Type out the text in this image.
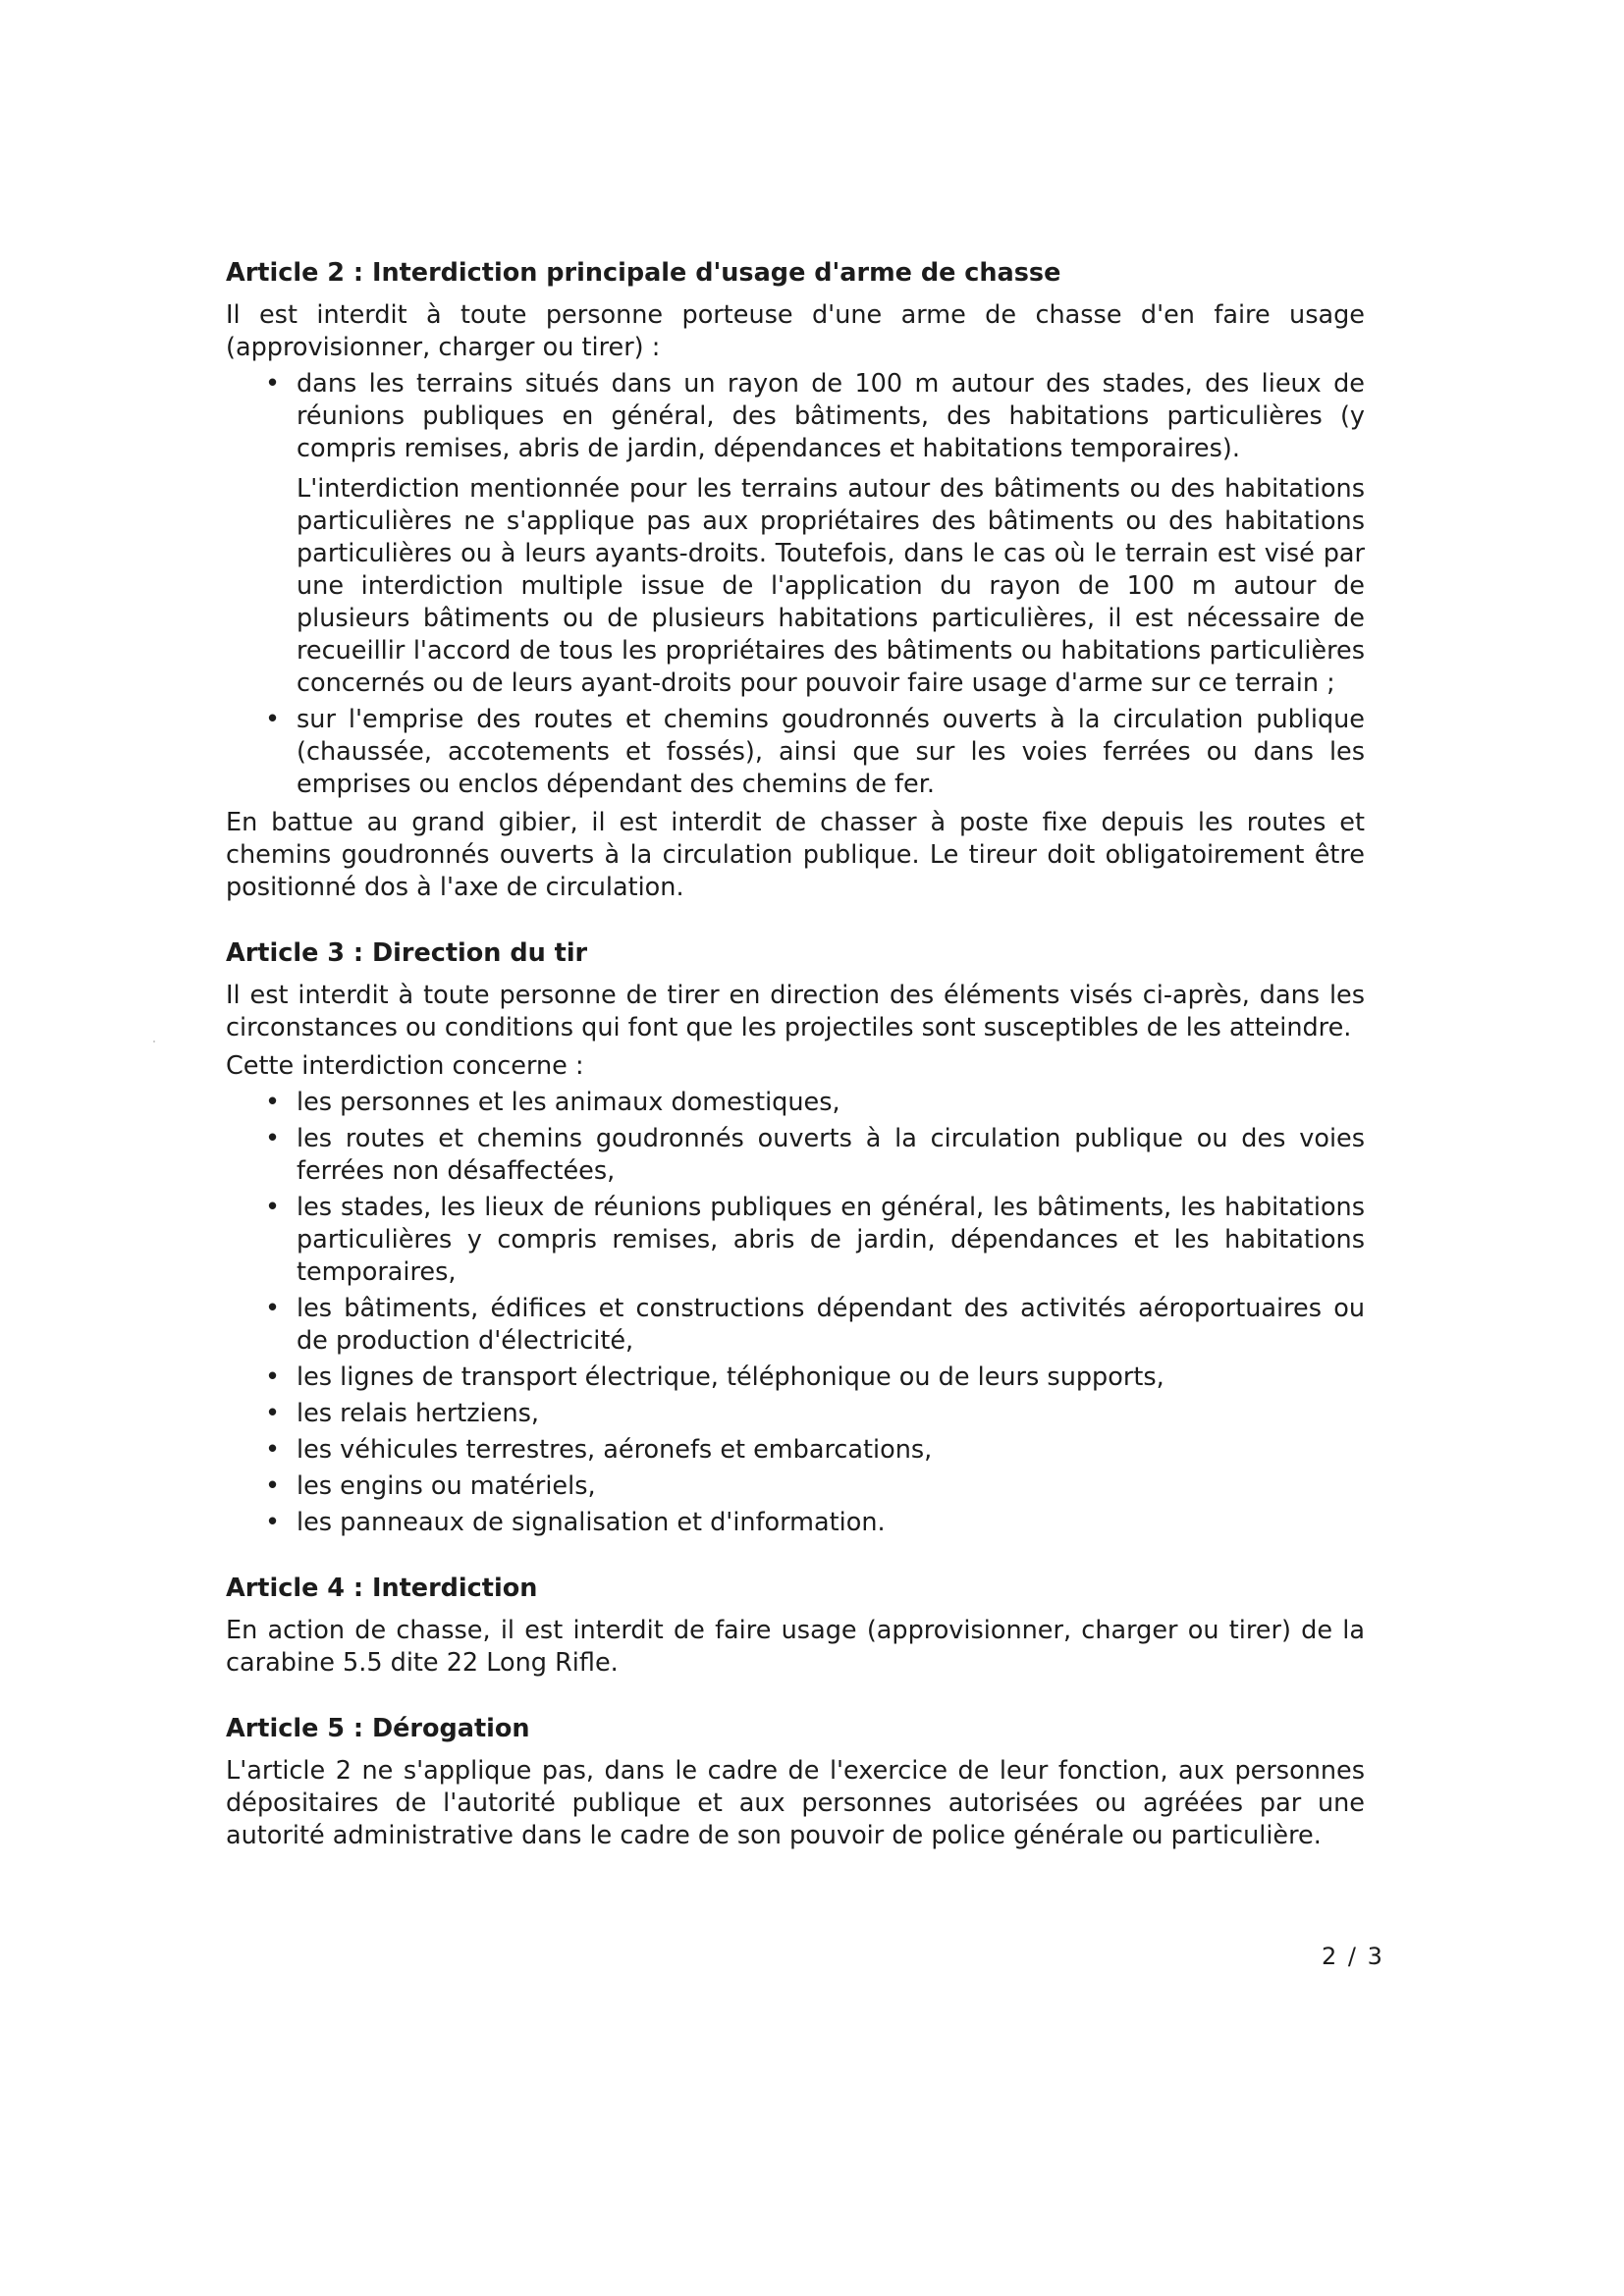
Article 2 : Interdiction principale d'usage d'arme de chasse

Il est interdit à toute personne porteuse d'une arme de chasse d'en faire usage (approvisionner, charger ou tirer) :

• dans les terrains situés dans un rayon de 100 m autour des stades, des lieux de réunions publiques en général, des bâtiments, des habitations particulières (y compris remises, abris de jardin, dépendances et habitations temporaires).

L'interdiction mentionnée pour les terrains autour des bâtiments ou des habitations particulières ne s'applique pas aux propriétaires des bâtiments ou des habitations particulières ou à leurs ayants-droits. Toutefois, dans le cas où le terrain est visé par une interdiction multiple issue de l'application du rayon de 100 m autour de plusieurs bâtiments ou de plusieurs habitations particulières, il est nécessaire de recueillir l'accord de tous les propriétaires des bâtiments ou habitations particulières concernés ou de leurs ayant-droits pour pouvoir faire usage d'arme sur ce terrain ;

• sur l'emprise des routes et chemins goudronnés ouverts à la circulation publique (chaussée, accotements et fossés), ainsi que sur les voies ferrées ou dans les emprises ou enclos dépendant des chemins de fer.

En battue au grand gibier, il est interdit de chasser à poste fixe depuis les routes et chemins goudronnés ouverts à la circulation publique. Le tireur doit obligatoirement être positionné dos à l'axe de circulation.

Article 3 : Direction du tir

Il est interdit à toute personne de tirer en direction des éléments visés ci-après, dans les circonstances ou conditions qui font que les projectiles sont susceptibles de les atteindre.

Cette interdiction concerne :

• les personnes et les animaux domestiques,
• les routes et chemins goudronnés ouverts à la circulation publique ou des voies ferrées non désaffectées,
• les stades, les lieux de réunions publiques en général, les bâtiments, les habitations particulières y compris remises, abris de jardin, dépendances et les habitations temporaires,
• les bâtiments, édifices et constructions dépendant des activités aéroportuaires ou de production d'électricité,
• les lignes de transport électrique, téléphonique ou de leurs supports,
• les relais hertziens,
• les véhicules terrestres, aéronefs et embarcations,
• les engins ou matériels,
• les panneaux de signalisation et d'information.
Article 4 : Interdiction

En action de chasse, il est interdit de faire usage (approvisionner, charger ou tirer) de la carabine 5.5 dite 22 Long Rifle.

Article 5 : Dérogation

L'article 2 ne s'applique pas, dans le cadre de l'exercice de leur fonction, aux personnes dépositaires de l'autorité publique et aux personnes autorisées ou agréées par une autorité administrative dans le cadre de son pouvoir de police générale ou particulière.

2 / 3
